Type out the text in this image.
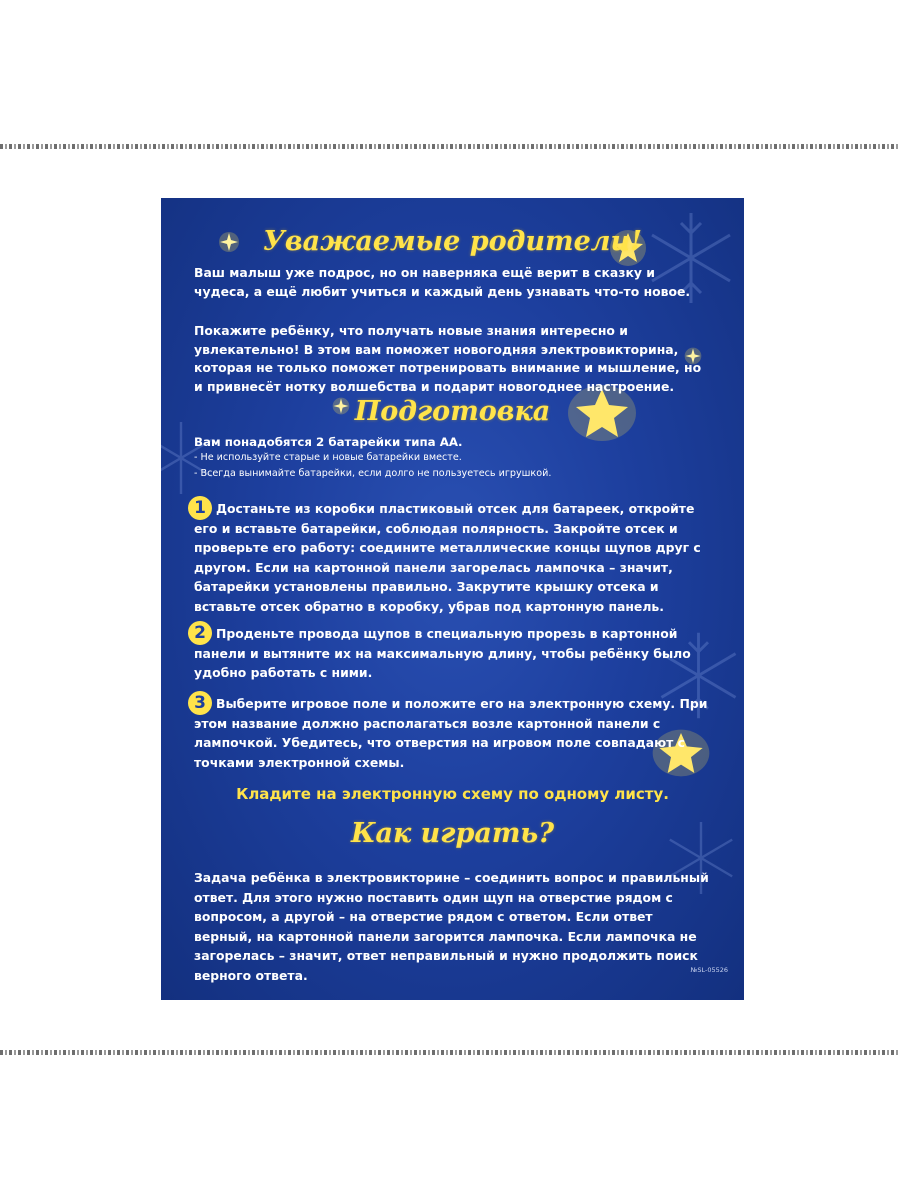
Уважаемые родители!

Ваш малыш уже подрос, но он наверняка ещё верит в сказку и чудеса, а ещё любит учиться и каждый день узнавать что-то новое.

Покажите ребёнку, что получать новые знания интересно и увлекательно! В этом вам поможет новогодняя электровикторина, которая не только поможет потренировать внимание и мышление, но и привнесёт нотку волшебства и подарит новогоднее настроение.

Подготовка

Вам понадобятся 2 батарейки типа АА.

- Не используйте старые и новые батарейки вместе.

- Всегда вынимайте батарейки, если долго не пользуетесь игрушкой.

1 Достаньте из коробки пластиковый отсек для батареек, откройте его и вставьте батарейки, соблюдая полярность. Закройте отсек и проверьте его работу: соедините металлические концы щупов друг с другом. Если на картонной панели загорелась лампочка – значит, батарейки установлены правильно. Закрутите крышку отсека и вставьте отсек обратно в коробку, убрав под картонную панель.

2 Проденьте провода щупов в специальную прорезь в картонной панели и вытяните их на максимальную длину, чтобы ребёнку было удобно работать с ними.

3 Выберите игровое поле и положите его на электронную схему. При этом название должно располагаться возле картонной панели с лампочкой. Убедитесь, что отверстия на игровом поле совпадают с точками электронной схемы.

Кладите на электронную схему по одному листу.

Как играть?

Задача ребёнка в электровикторине – соединить вопрос и правильный ответ. Для этого нужно поставить один щуп на отверстие рядом с вопросом, а другой – на отверстие рядом с ответом. Если ответ верный, на картонной панели загорится лампочка. Если лампочка не загорелась – значит, ответ неправильный и нужно продолжить поиск верного ответа.	№SL-05526
